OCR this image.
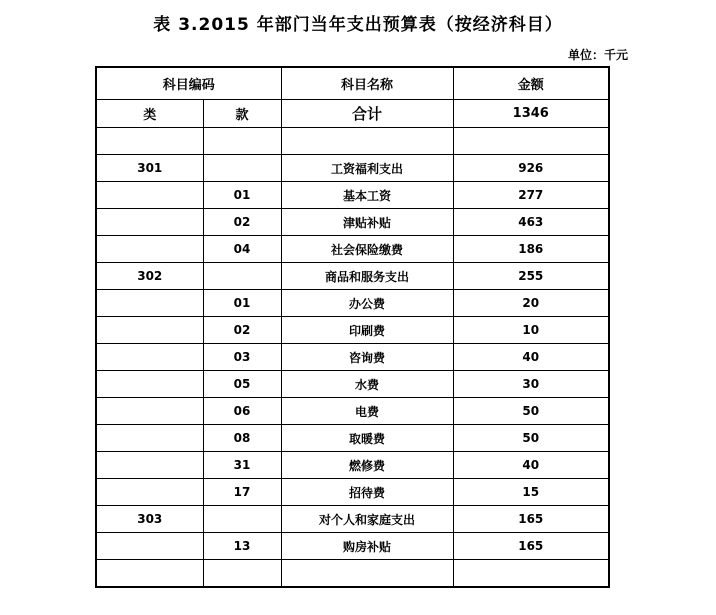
表 3.2015 年部门当年支出预算表（按经济科目）
单位：千元
科目编码		科目名称	金额
类	款	合计	1346

301		工资福利支出	926
	01	基本工资	277
	02	津贴补贴	463
	04	社会保险缴费	186
302		商品和服务支出	255
	01	办公费	20
	02	印刷费	10
	03	咨询费	40
	05	水费	30
	06	电费	50
	08	取暖费	50
	31	燃修费	40
	17	招待费	15
303		对个人和家庭支出	165
	13	购房补贴	165
